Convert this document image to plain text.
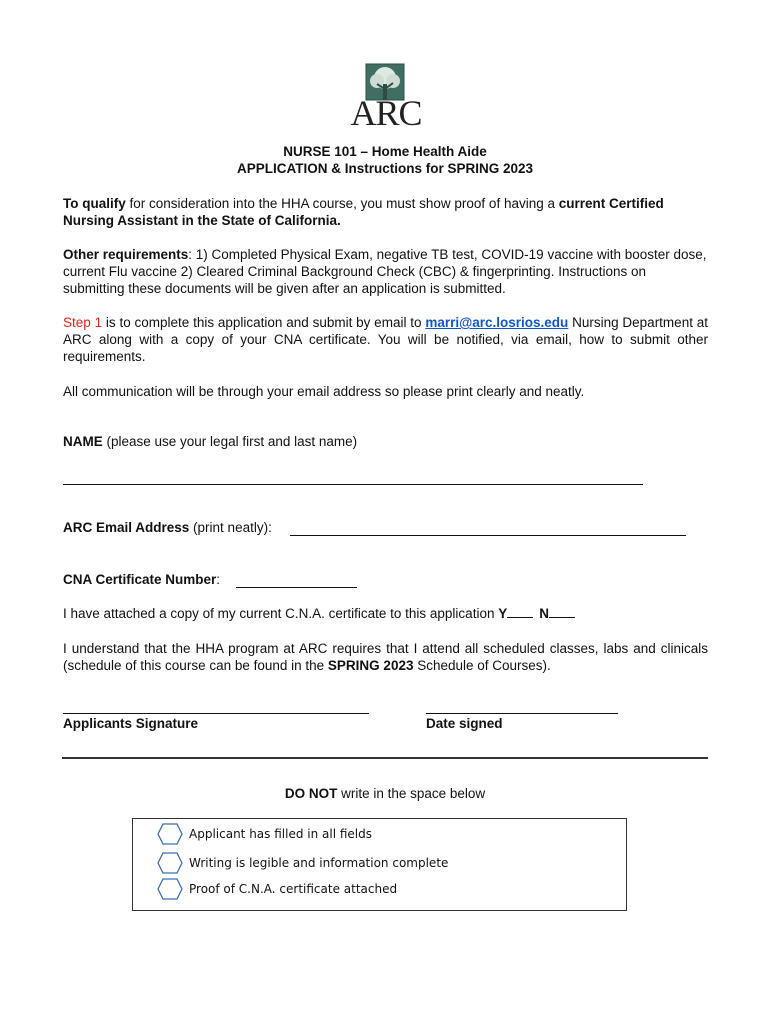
ARC
NURSE 101 – Home Health Aide
APPLICATION & Instructions for SPRING 2023
To qualify for consideration into the HHA course, you must show proof of having a current Certified Nursing Assistant in the State of California.
Other requirements: 1) Completed Physical Exam, negative TB test, COVID-19 vaccine with booster dose, current Flu vaccine 2) Cleared Criminal Background Check (CBC) & fingerprinting. Instructions on submitting these documents will be given after an application is submitted.
Step 1 is to complete this application and submit by email to marri@arc.losrios.edu Nursing Department at ARC along with a copy of your CNA certificate. You will be notified, via email, how to submit other requirements.
All communication will be through your email address so please print clearly and neatly.
NAME (please use your legal first and last name)
ARC Email Address (print neatly):
CNA Certificate Number:
I have attached a copy of my current C.N.A. certificate to this application Y N
I understand that the HHA program at ARC requires that I attend all scheduled classes, labs and clinicals (schedule of this course can be found in the SPRING 2023 Schedule of Courses).
Applicants Signature	Date signed
DO NOT write in the space below
Applicant has filled in all fields
Writing is legible and information complete
Proof of C.N.A. certificate attached
